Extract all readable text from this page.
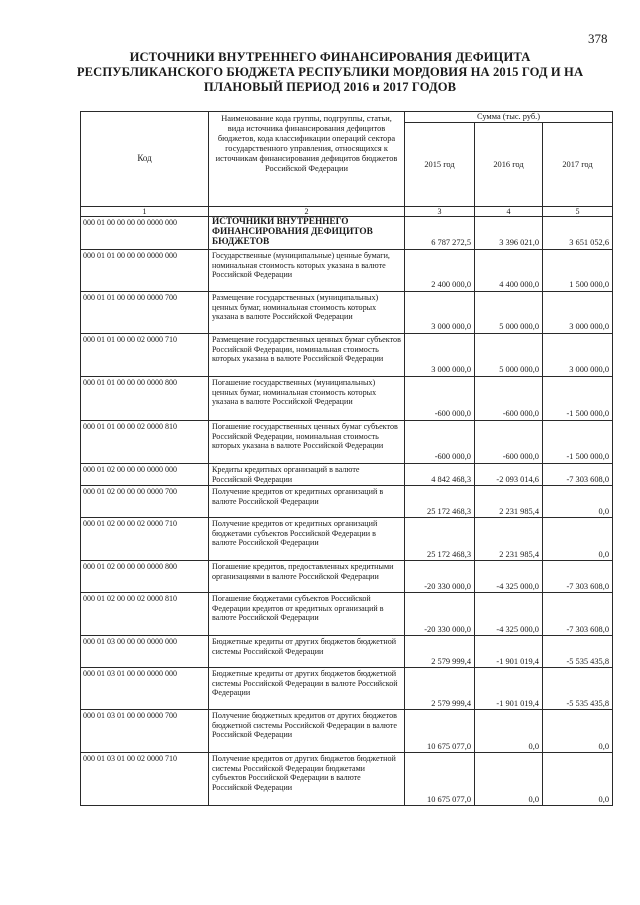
378
ИСТОЧНИКИ ВНУТРЕННЕГО ФИНАНСИРОВАНИЯ ДЕФИЦИТА
РЕСПУБЛИКАНСКОГО БЮДЖЕТА РЕСПУБЛИКИ МОРДОВИЯ НА 2015 ГОД И НА
ПЛАНОВЫЙ ПЕРИОД 2016 и 2017 ГОДОВ
Код	Наименование кода группы, подгруппы, статьи, вида источника финансирования дефицитов бюджетов, кода классификации операций сектора государственного управления, относящихся к источникам финансирования дефицитов бюджетов Российской Федерации	Сумма (тыс. руб.)		
		2015 год	2016 год	2017 год
1	2	3	4	5
000 01 00 00 00 00 0000 000	ИСТОЧНИКИ ВНУТРЕННЕГО ФИНАНСИРОВАНИЯ ДЕФИЦИТОВ БЮДЖЕТОВ	6 787 272,5	3 396 021,0	3 651 052,6
000 01 01 00 00 00 0000 000	Государственные (муниципальные) ценные бумаги, номинальная стоимость которых указана в валюте Российской Федерации	2 400 000,0	4 400 000,0	1 500 000,0
000 01 01 00 00 00 0000 700	Размещение государственных (муниципальных) ценных бумаг, номинальная стоимость которых указана в валюте Российской Федерации	3 000 000,0	5 000 000,0	3 000 000,0
000 01 01 00 00 02 0000 710	Размещение государственных ценных бумаг субъектов Российской Федерации, номинальная стоимость которых указана в валюте Российской Федерации	3 000 000,0	5 000 000,0	3 000 000,0
000 01 01 00 00 00 0000 800	Погашение государственных (муниципальных) ценных бумаг, номинальная стоимость которых указана в валюте Российской Федерации	-600 000,0	-600 000,0	-1 500 000,0
000 01 01 00 00 02 0000 810	Погашение государственных ценных бумаг субъектов Российской Федерации, номинальная стоимость которых указана в валюте Российской Федерации	-600 000,0	-600 000,0	-1 500 000,0
000 01 02 00 00 00 0000 000	Кредиты кредитных организаций в валюте Российской Федерации	4 842 468,3	-2 093 014,6	-7 303 608,0
000 01 02 00 00 00 0000 700	Получение кредитов от кредитных организаций в валюте Российской Федерации	25 172 468,3	2 231 985,4	0,0
000 01 02 00 00 02 0000 710	Получение кредитов от кредитных организаций бюджетами субъектов Российской Федерации в валюте Российской Федерации	25 172 468,3	2 231 985,4	0,0
000 01 02 00 00 00 0000 800	Погашение кредитов, предоставленных кредитными организациями в валюте Российской Федерации	-20 330 000,0	-4 325 000,0	-7 303 608,0
000 01 02 00 00 02 0000 810	Погашение бюджетами субъектов Российской Федерации кредитов от кредитных организаций в валюте Российской Федерации	-20 330 000,0	-4 325 000,0	-7 303 608,0
000 01 03 00 00 00 0000 000	Бюджетные кредиты от других бюджетов бюджетной системы Российской Федерации	2 579 999,4	-1 901 019,4	-5 535 435,8
000 01 03 01 00 00 0000 000	Бюджетные кредиты от других бюджетов бюджетной системы Российской Федерации в валюте Российской Федерации	2 579 999,4	-1 901 019,4	-5 535 435,8
000 01 03 01 00 00 0000 700	Получение бюджетных кредитов от других бюджетов бюджетной системы Российской Федерации в валюте Российской Федерации	10 675 077,0	0,0	0,0
000 01 03 01 00 02 0000 710	Получение кредитов от других бюджетов бюджетной системы Российской Федерации бюджетами субъектов Российской Федерации в валюте Российской Федерации	10 675 077,0	0,0	0,0
